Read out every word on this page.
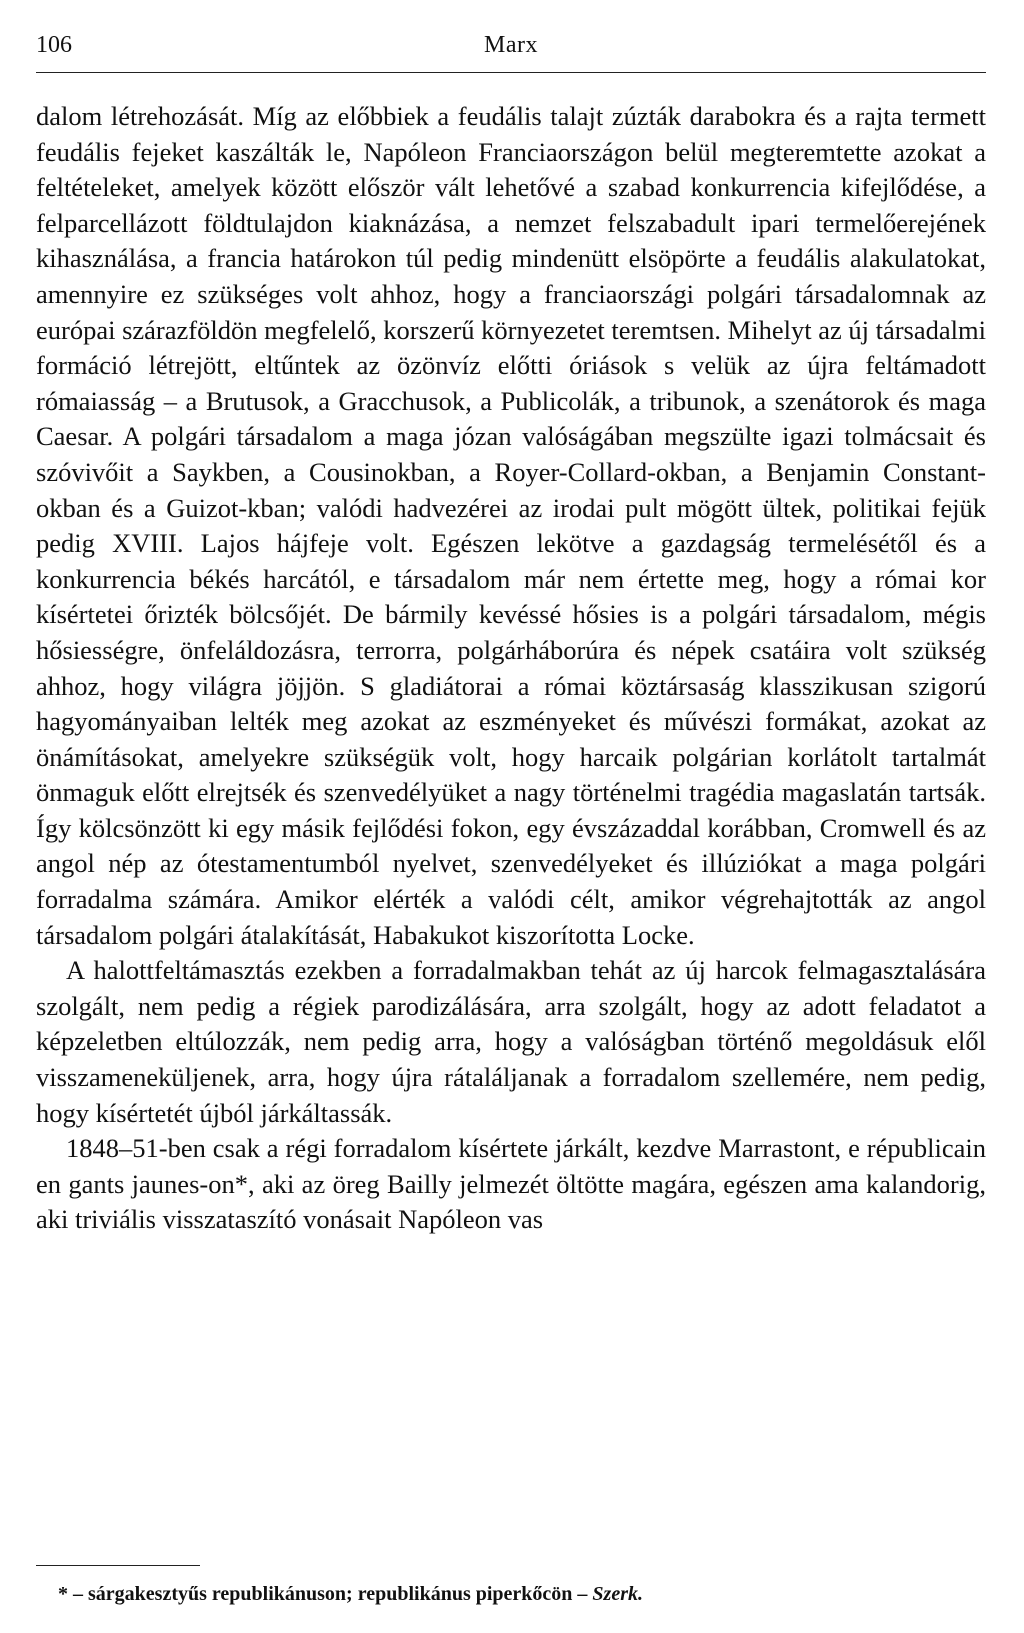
106	Marx

dalom létrehozását. Míg az előbbiek a feudális talajt zúzták darabokra és a rajta termett feudális fejeket kaszálták le, Napóleon Franciaországon belül megteremtette azokat a feltételeket, amelyek között először vált lehetővé a szabad konkurrencia kifejlődése, a felparcellázott földtulajdon kiaknázása, a nemzet felszabadult ipari termelőerejének kihasználása, a francia határokon túl pedig mindenütt elsöpörte a feudális alakulatokat, amennyire ez szükséges volt ahhoz, hogy a franciaországi polgári társadalomnak az európai szárazföldön megfelelő, korszerű környezetet teremtsen. Mihelyt az új társadalmi formáció létrejött, eltűntek az özönvíz előtti óriások s velük az újra feltámadott rómaiasság – a Brutusok, a Gracchusok, a Publicolák, a tribunok, a szenátorok és maga Caesar. A polgári társadalom a maga józan valóságában megszülte igazi tolmácsait és szóvivőit a Saykben, a Cousinokban, a Royer-Collard-okban, a Benjamin Constant-okban és a Guizot-kban; valódi hadvezérei az irodai pult mögött ültek, politikai fejük pedig XVIII. Lajos hájfeje volt. Egészen lekötve a gazdagság termelésétől és a konkurrencia békés harcától, e társadalom már nem értette meg, hogy a római kor kísértetei őrizték bölcsőjét. De bármily kevéssé hősies is a polgári társadalom, mégis hősiességre, önfeláldozásra, terrorra, polgárháborúra és népek csatáira volt szükség ahhoz, hogy világra jöjjön. S gladiátorai a római köztársaság klasszikusan szigorú hagyományaiban lelték meg azokat az eszményeket és művészi formákat, azokat az önámításokat, amelyekre szükségük volt, hogy harcaik polgárian korlátolt tartalmát önmaguk előtt elrejtsék és szenvedélyüket a nagy történelmi tragédia magaslatán tartsák. Így kölcsönzött ki egy másik fejlődési fokon, egy évszázaddal korábban, Cromwell és az angol nép az ótestamentumból nyelvet, szenvedélyeket és illúziókat a maga polgári forradalma számára. Amikor elérték a valódi célt, amikor végrehajtották az angol társadalom polgári átalakítását, Habakukot kiszorította Locke.

A halottfeltámasztás ezekben a forradalmakban tehát az új harcok felmagasztalására szolgált, nem pedig a régiek parodizálására, arra szolgált, hogy az adott feladatot a képzeletben eltúlozzák, nem pedig arra, hogy a valóságban történő megoldásuk elől visszameneküljenek, arra, hogy újra rátaláljanak a forradalom szellemére, nem pedig, hogy kísértetét újból járkáltassák.

1848–51-ben csak a régi forradalom kísértete járkált, kezdve Marrastont, e républicain en gants jaunes-on*, aki az öreg Bailly jelmezét öltötte magára, egészen ama kalandorig, aki triviális visszataszító vonásait Napóleon vas

* – sárgakesztyűs republikánuson; republikánus piperkőcön – Szerk.
